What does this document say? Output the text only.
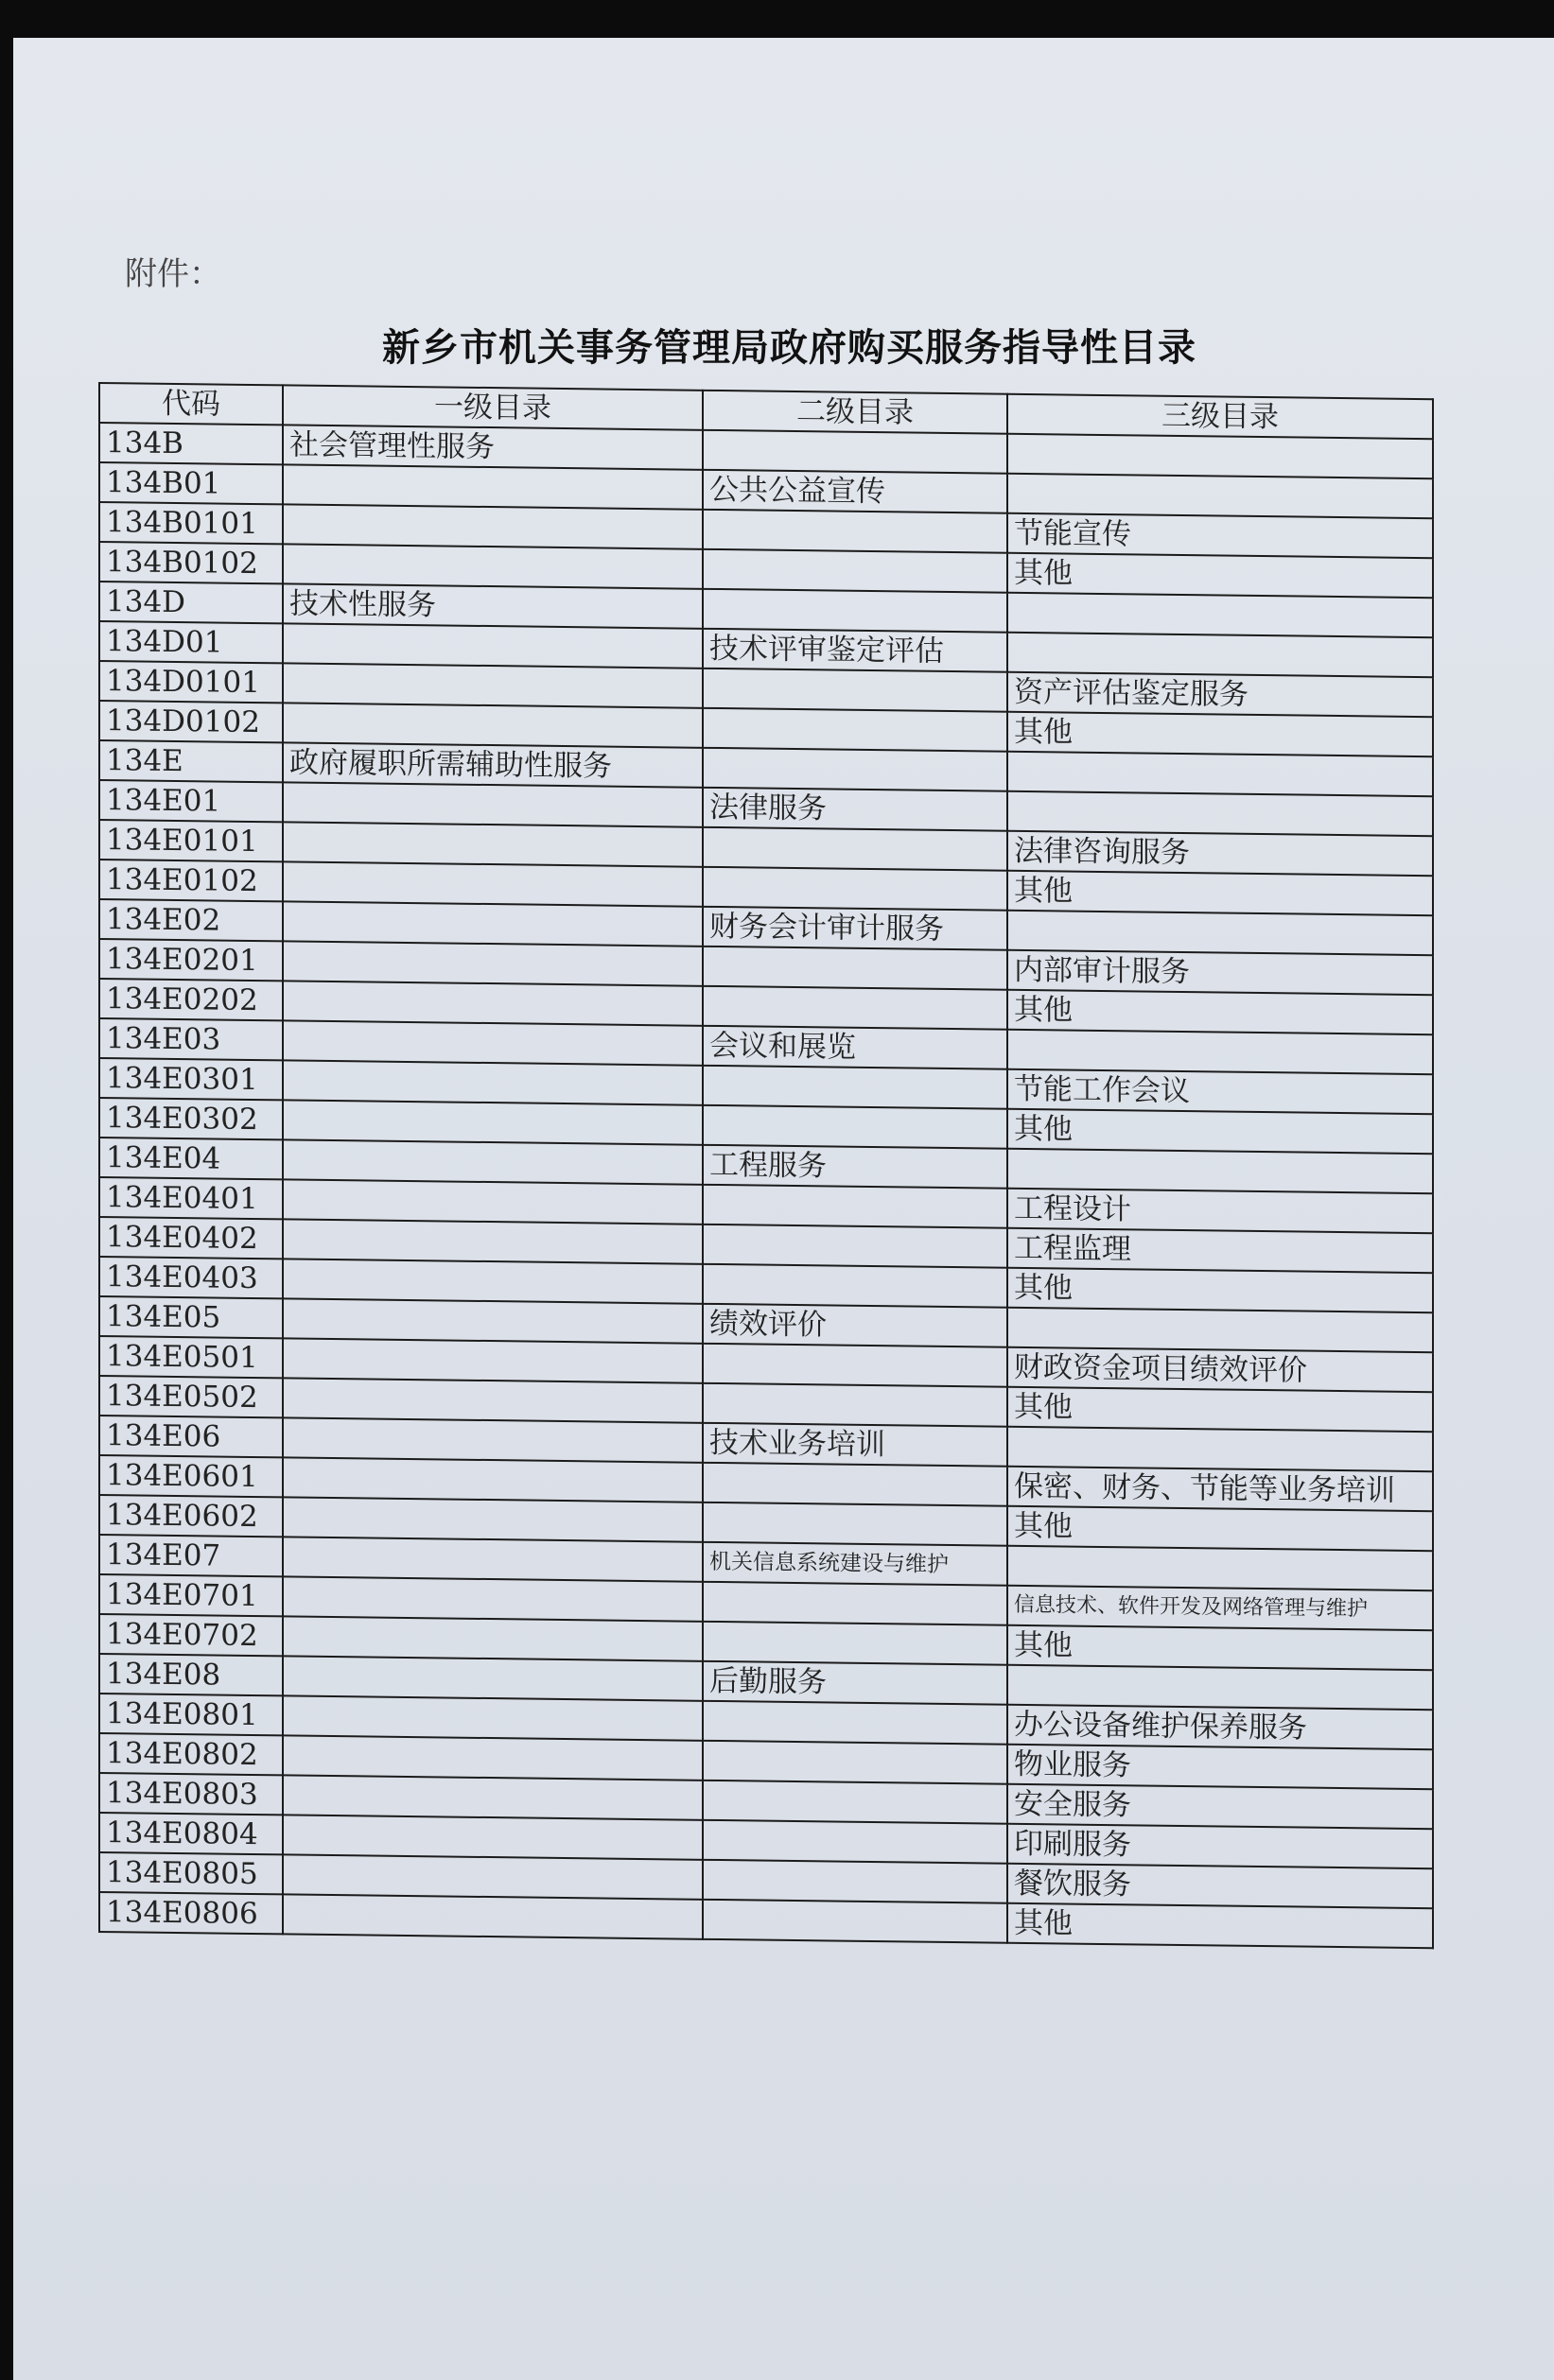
附件：
新乡市机关事务管理局政府购买服务指导性目录
代码	一级目录	二级目录	三级目录
134B	社会管理性服务		
134B01		公共公益宣传	
134B0101			节能宣传
134B0102			其他
134D	技术性服务		
134D01		技术评审鉴定评估	
134D0101			资产评估鉴定服务
134D0102			其他
134E	政府履职所需辅助性服务		
134E01		法律服务	
134E0101			法律咨询服务
134E0102			其他
134E02		财务会计审计服务	
134E0201			内部审计服务
134E0202			其他
134E03		会议和展览	
134E0301			节能工作会议
134E0302			其他
134E04		工程服务	
134E0401			工程设计
134E0402			工程监理
134E0403			其他
134E05		绩效评价	
134E0501			财政资金项目绩效评价
134E0502			其他
134E06		技术业务培训	
134E0601			保密、财务、节能等业务培训
134E0602			其他
134E07		机关信息系统建设与维护	
134E0701			信息技术、软件开发及网络管理与维护
134E0702			其他
134E08		后勤服务	
134E0801			办公设备维护保养服务
134E0802			物业服务
134E0803			安全服务
134E0804			印刷服务
134E0805			餐饮服务
134E0806			其他
